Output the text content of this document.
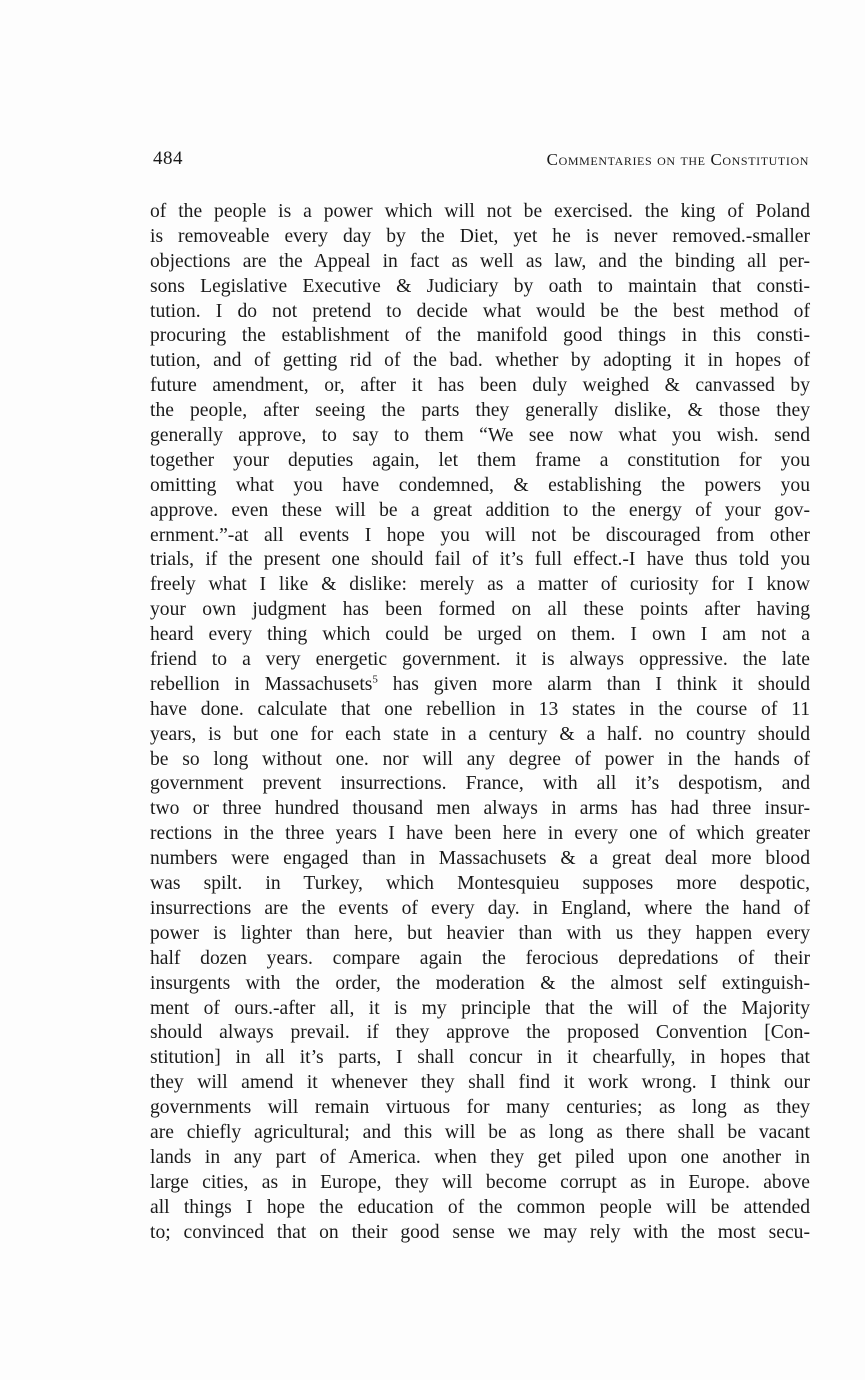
484	Commentaries on the Constitution
of the people is a power which will not be exercised. the king of Poland
is removeable every day by the Diet, yet he is never removed.-smaller
objections are the Appeal in fact as well as law, and the binding all per-
sons Legislative Executive & Judiciary by oath to maintain that consti-
tution. I do not pretend to decide what would be the best method of
procuring the establishment of the manifold good things in this consti-
tution, and of getting rid of the bad. whether by adopting it in hopes of
future amendment, or, after it has been duly weighed & canvassed by
the people, after seeing the parts they generally dislike, & those they
generally approve, to say to them “We see now what you wish. send
together your deputies again, let them frame a constitution for you
omitting what you have condemned, & establishing the powers you
approve. even these will be a great addition to the energy of your gov-
ernment.”-at all events I hope you will not be discouraged from other
trials, if the present one should fail of it’s full effect.-I have thus told you
freely what I like & dislike: merely as a matter of curiosity for I know
your own judgment has been formed on all these points after having
heard every thing which could be urged on them. I own I am not a
friend to a very energetic government. it is always oppressive. the late
rebellion in Massachusets$^5$ has given more alarm than I think it should
have done. calculate that one rebellion in 13 states in the course of 11
years, is but one for each state in a century & a half. no country should
be so long without one. nor will any degree of power in the hands of
government prevent insurrections. France, with all it’s despotism, and
two or three hundred thousand men always in arms has had three insur-
rections in the three years I have been here in every one of which greater
numbers were engaged than in Massachusets & a great deal more blood
was spilt. in Turkey, which Montesquieu supposes more despotic,
insurrections are the events of every day. in England, where the hand of
power is lighter than here, but heavier than with us they happen every
half dozen years. compare again the ferocious depredations of their
insurgents with the order, the moderation & the almost self extinguish-
ment of ours.-after all, it is my principle that the will of the Majority
should always prevail. if they approve the proposed Convention [Con-
stitution] in all it’s parts, I shall concur in it chearfully, in hopes that
they will amend it whenever they shall find it work wrong. I think our
governments will remain virtuous for many centuries; as long as they
are chiefly agricultural; and this will be as long as there shall be vacant
lands in any part of America. when they get piled upon one another in
large cities, as in Europe, they will become corrupt as in Europe. above
all things I hope the education of the common people will be attended
to; convinced that on their good sense we may rely with the most secu-
